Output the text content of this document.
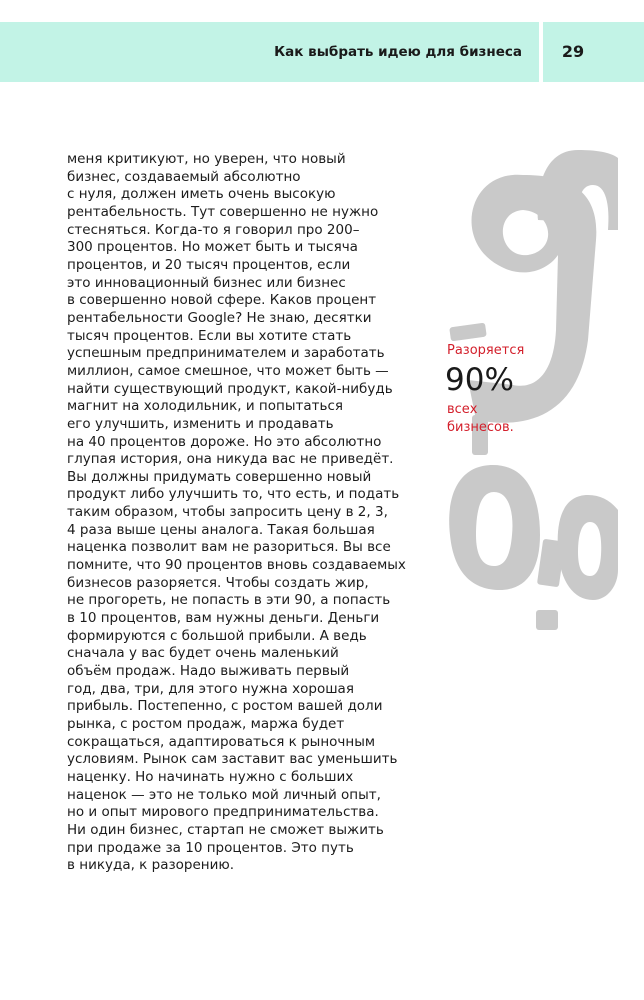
Как выбрать идею для бизнеса	29
меня критикуют, но уверен, что новый
бизнес, создаваемый абсолютно
с нуля, должен иметь очень высокую
рентабельность. Тут совершенно не нужно
стесняться. Когда-то я говорил про 200–
300 процентов. Но может быть и тысяча
процентов, и 20 тысяч процентов, если
это инновационный бизнес или бизнес
в совершенно новой сфере. Каков процент
рентабельности Google? Не знаю, десятки
тысяч процентов. Если вы хотите стать
успешным предпринимателем и заработать
миллион, самое смешное, что может быть —
найти существующий продукт, какой-нибудь
магнит на холодильник, и попытаться
его улучшить, изменить и продавать
на 40 процентов дороже. Но это абсолютно
глупая история, она никуда вас не приведёт.
Вы должны придумать совершенно новый
продукт либо улучшить то, что есть, и подать
таким образом, чтобы запросить цену в 2, 3,
4 раза выше цены аналога. Такая большая
наценка позволит вам не разориться. Вы все
помните, что 90 процентов вновь создаваемых
бизнесов разоряется. Чтобы создать жир,
не прогореть, не попасть в эти 90, а попасть
в 10 процентов, вам нужны деньги. Деньги
формируются с большой прибыли. А ведь
сначала у вас будет очень маленький
объём продаж. Надо выживать первый
год, два, три, для этого нужна хорошая
прибыль. Постепенно, с ростом вашей доли
рынка, с ростом продаж, маржа будет
сокращаться, адаптироваться к рыночным
условиям. Рынок сам заставит вас уменьшить
наценку. Но начинать нужно с больших
наценок — это не только мой личный опыт,
но и опыт мирового предпринимательства.
Ни один бизнес, стартап не сможет выжить
при продаже за 10 процентов. Это путь
в никуда, к разорению.
Разоряется
90%
всех
бизнесов.
